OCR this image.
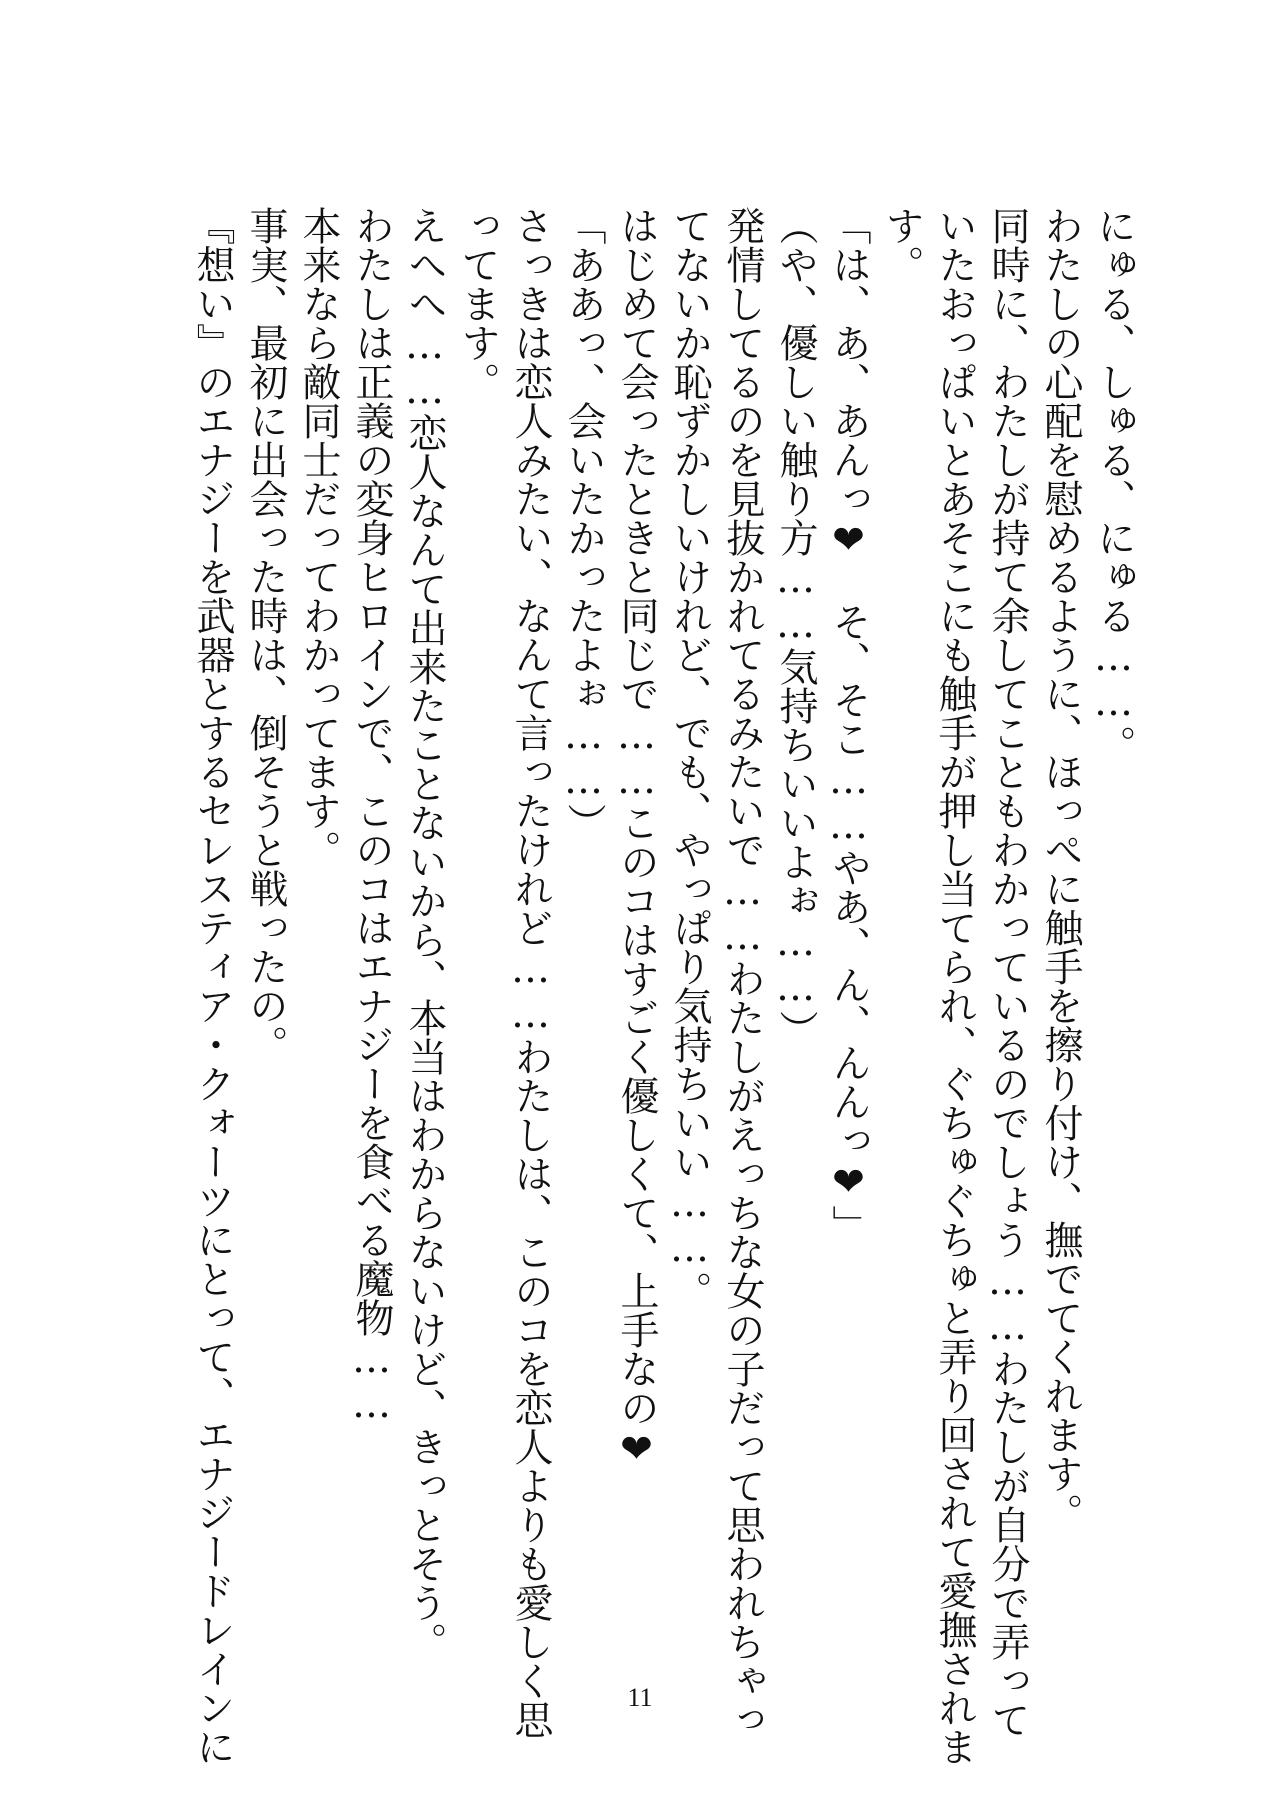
にゅる、しゅる、にゅる……。

わたしの心配を慰めるように、ほっぺに触手を擦り付け、撫でてくれます。

同時に、わたしが持て余してこともわかっているのでしょう……わたしが自分で弄って

いたおっぱいとあそこにも触手が押し当てられ、ぐちゅぐちゅと弄り回されて愛撫されま

す。

「は、あ、あんっ❤　そ、そこ……やあ、ん、んんっ❤」

（や、優しい触り方……気持ちいいよぉ……）

発情してるのを見抜かれてるみたいで……わたしがえっちな女の子だって思われちゃっ

てないか恥ずかしいけれど、でも、やっぱり気持ちいい……。

はじめて会ったときと同じで……このコはすごく優しくて、上手なの❤

「ああっ、会いたかったよぉ……）

さっきは恋人みたい、なんて言ったけれど……わたしは、このコを恋人よりも愛しく思

ってます。

えへへ……恋人なんて出来たことないから、本当はわからないけど、きっとそう。

わたしは正義の変身ヒロインで、このコはエナジーを食べる魔物……

本来なら敵同士だってわかってます。

事実、最初に出会った時は、倒そうと戦ったの。

『想い』のエナジーを武器とするセレスティア・クォーツにとって、エナジードレインに	11
